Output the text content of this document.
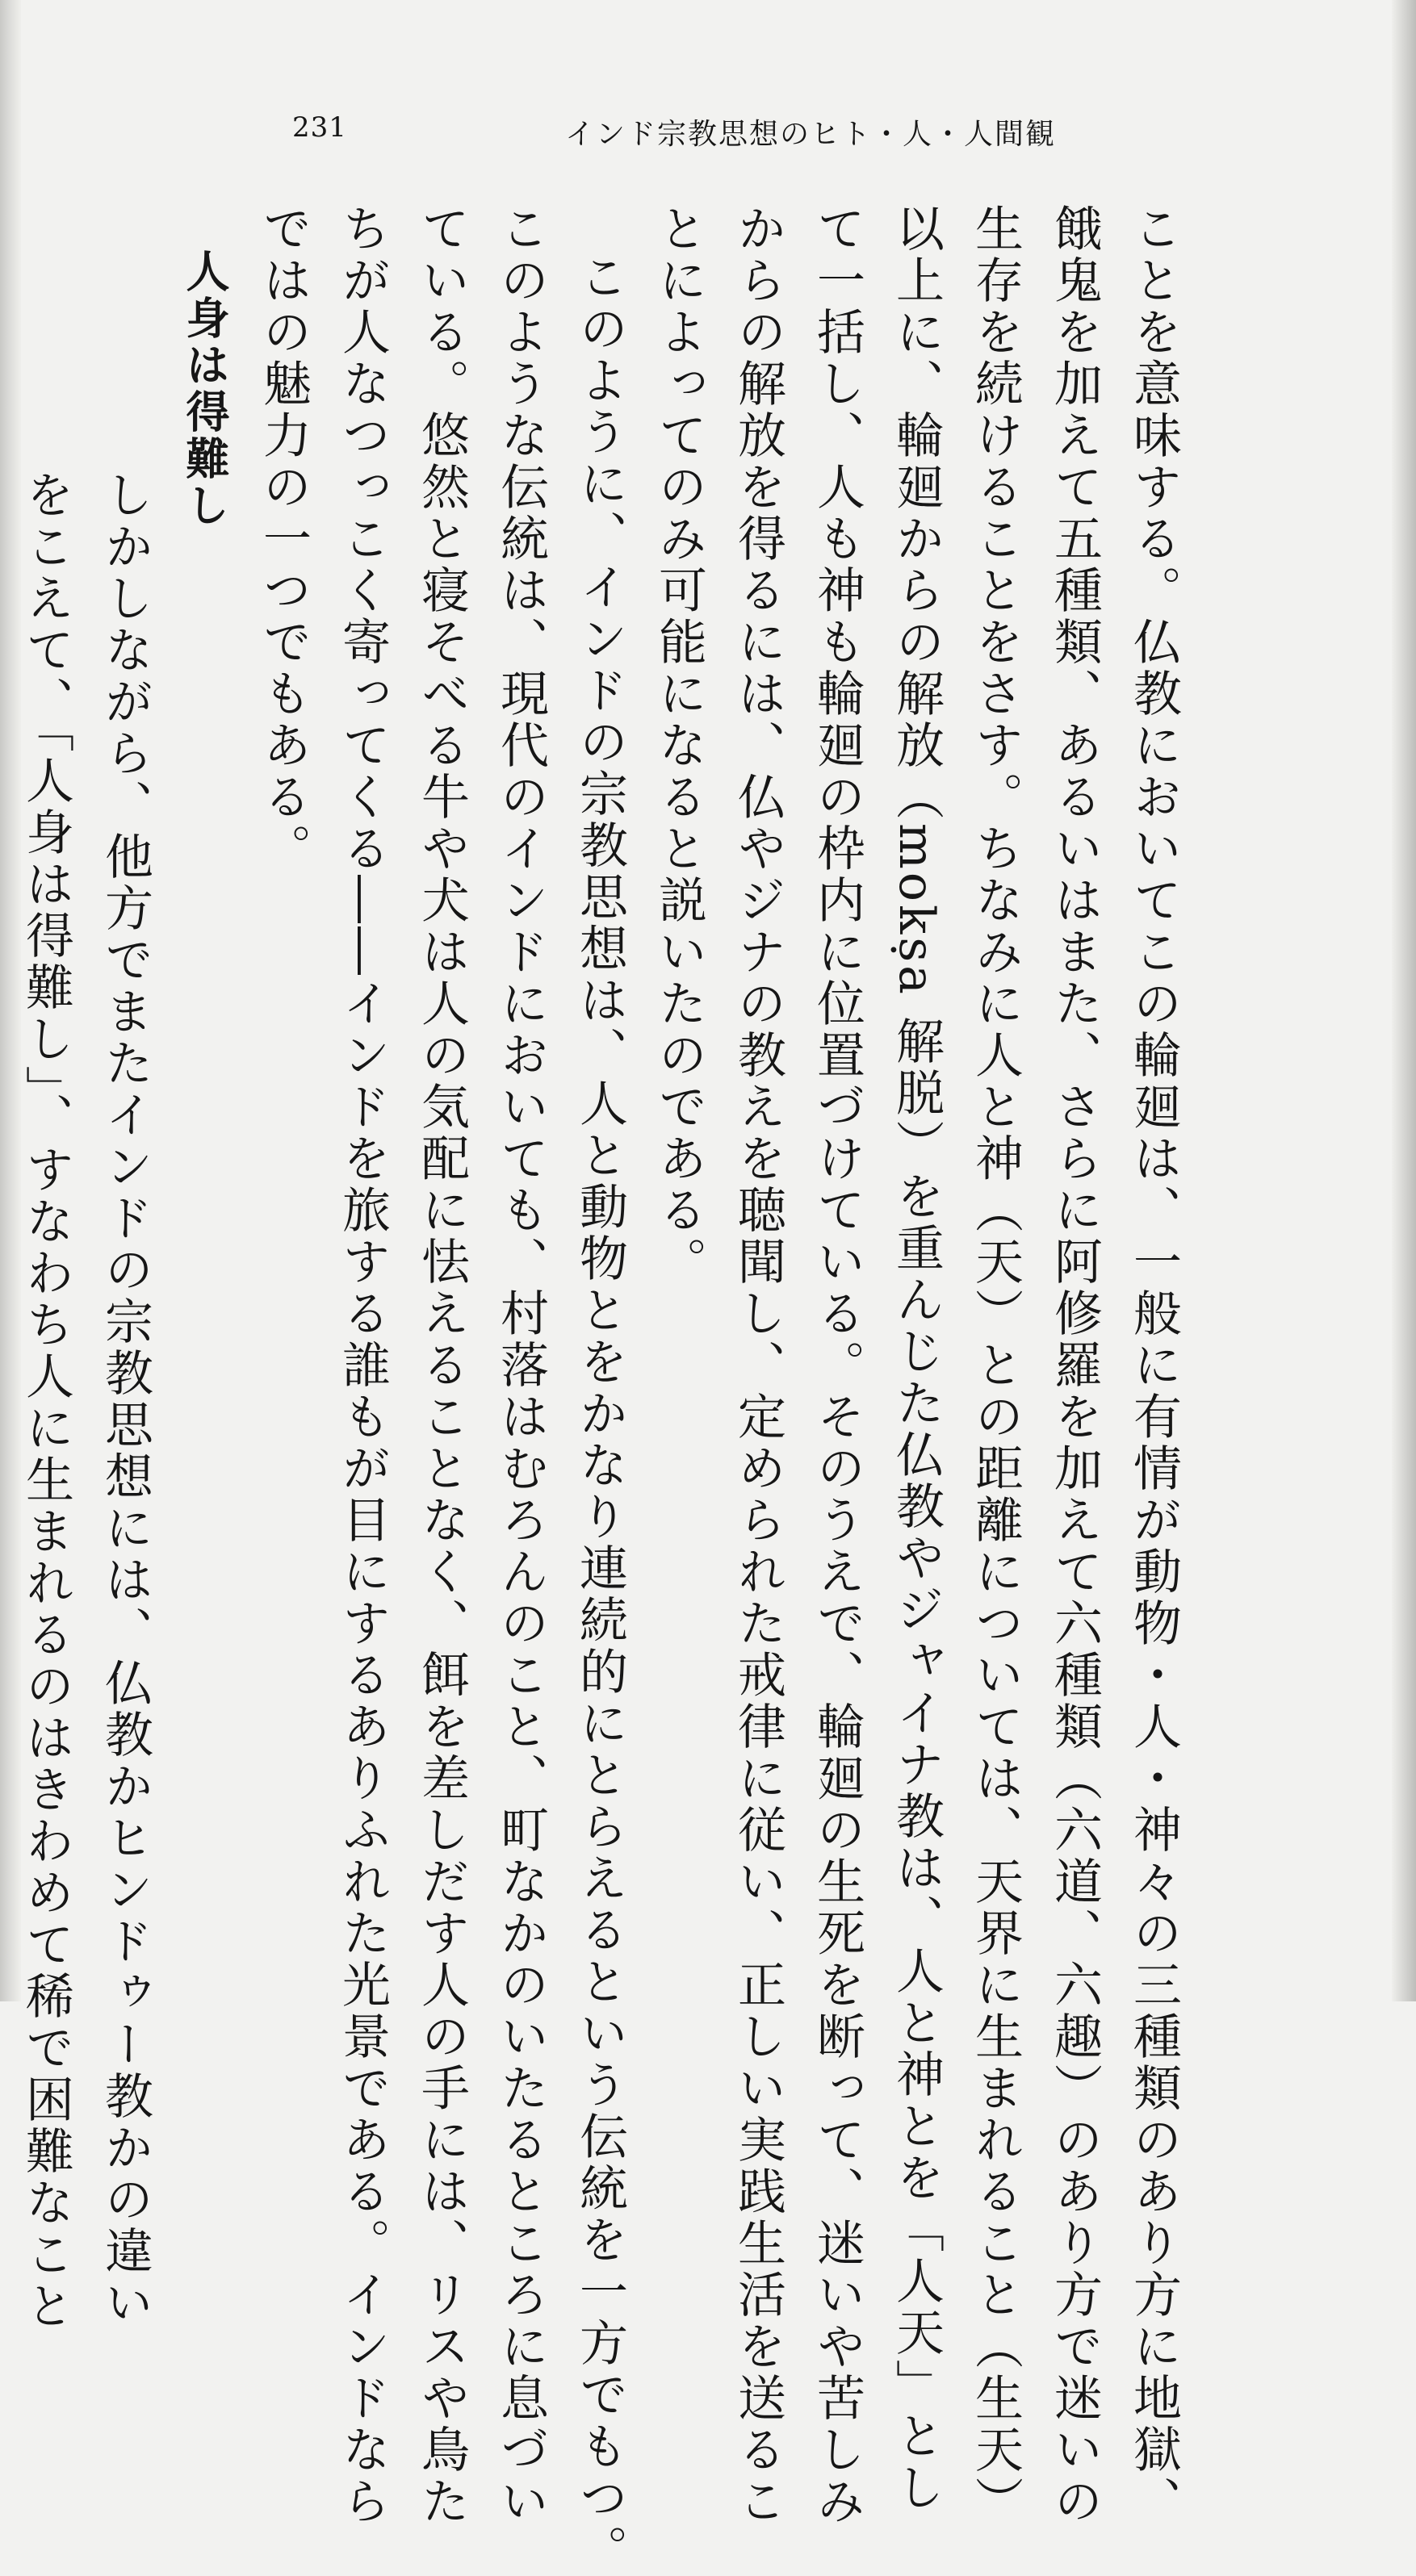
231	インド宗教思想のヒト・人・人間観
ことを意味する。仏教においてこの輪廻は、一般に有情が動物・人・神々の三種類のあり方に地獄、
餓鬼を加えて五種類、あるいはまた、さらに阿修羅を加えて六種類（六道、六趣）のあり方で迷いの
生存を続けることをさす。ちなみに人と神（天）との距離については、天界に生まれること（生天）
以上に、輪廻からの解放（mokṣa 解脱）を重んじた仏教やジャイナ教は、人と神とを「人天」とし
て一括し、人も神も輪廻の枠内に位置づけている。そのうえで、輪廻の生死を断って、迷いや苦しみ
からの解放を得るには、仏やジナの教えを聴聞し、定められた戒律に従い、正しい実践生活を送るこ
とによってのみ可能になると説いたのである。
このように、インドの宗教思想は、人と動物とをかなり連続的にとらえるという伝統を一方でもつ。
このような伝統は、現代のインドにおいても、村落はむろんのこと、町なかのいたるところに息づい
ている。悠然と寝そべる牛や犬は人の気配に怯えることなく、餌を差しだす人の手には、リスや鳥た
ちが人なつっこく寄ってくる――インドを旅する誰もが目にするありふれた光景である。インドなら
ではの魅力の一つでもある。
人身は得難し
しかしながら、他方でまたインドの宗教思想には、仏教かヒンドゥー教かの違い
をこえて、「人身は得難し」、すなわち人に生まれるのはきわめて稀で困難なこと
